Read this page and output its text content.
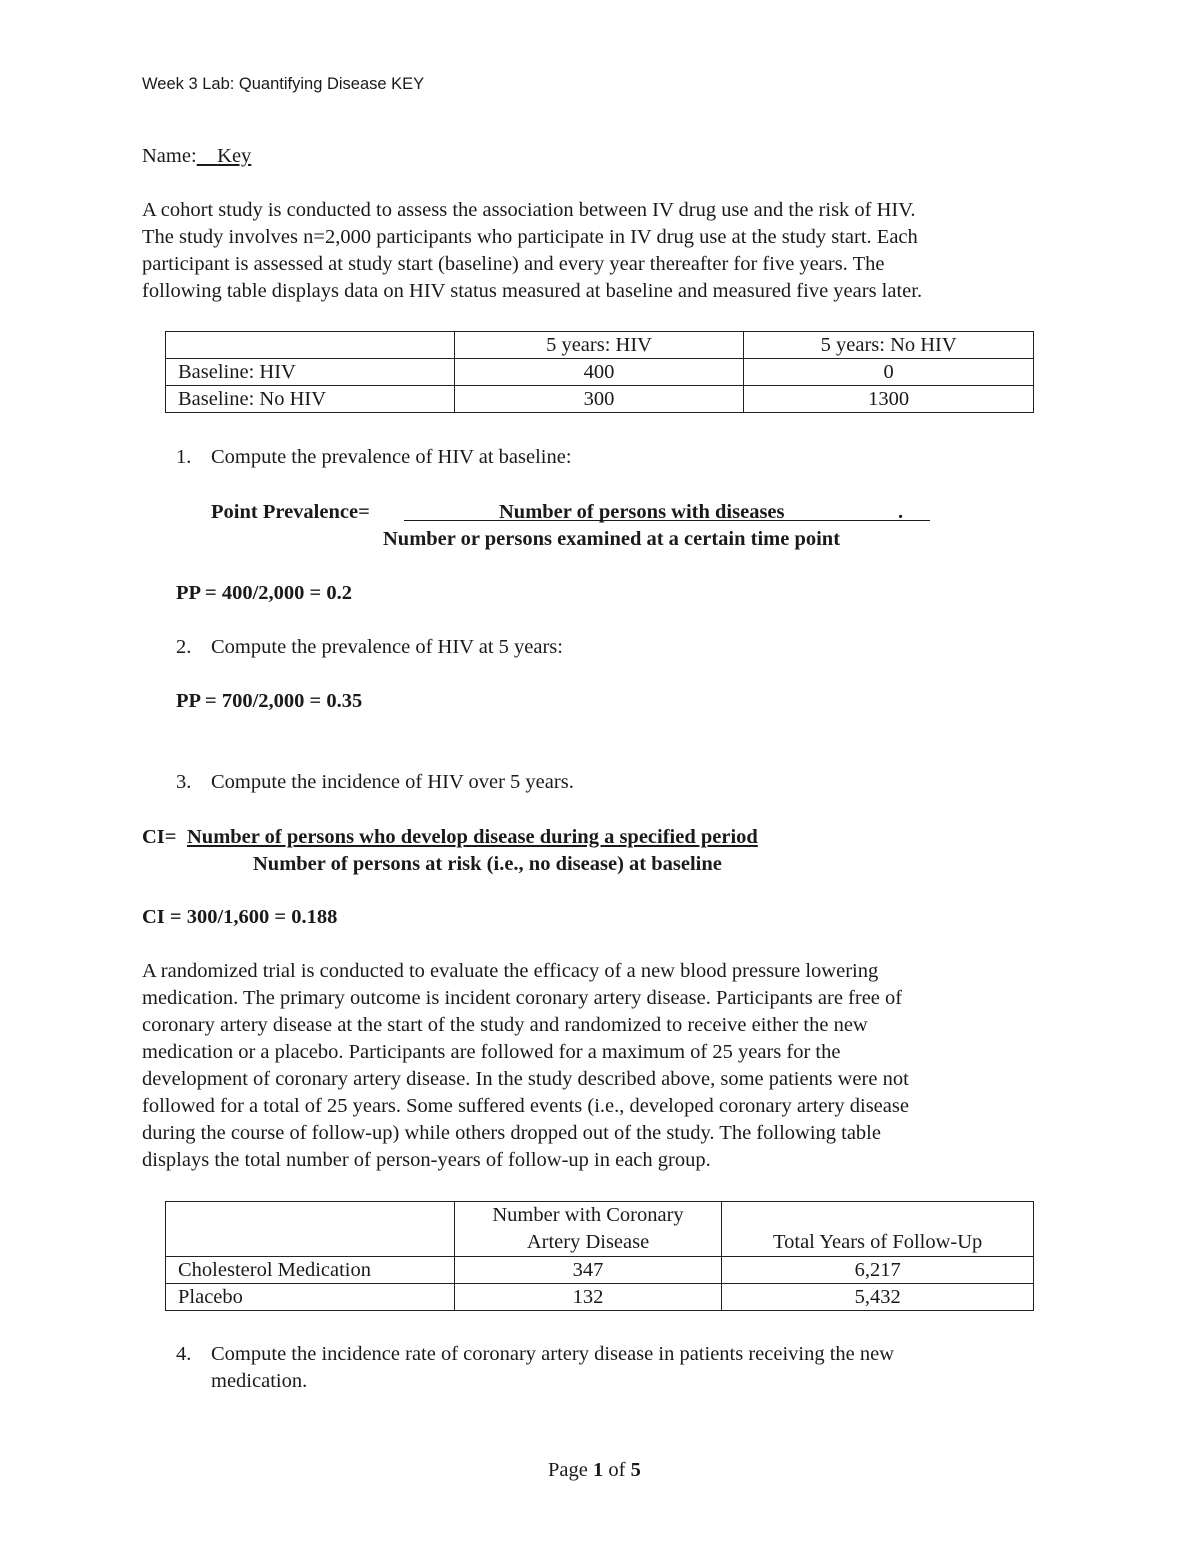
Week 3 Lab: Quantifying Disease KEY
Name: Key
A cohort study is conducted to assess the association between IV drug use and the risk of HIV.
The study involves n=2,000 participants who participate in IV drug use at the study start. Each
participant is assessed at study start (baseline) and every year thereafter for five years. The
following table displays data on HIV status measured at baseline and measured five years later.
	5 years: HIV	5 years: No HIV
Baseline: HIV	400	0
Baseline: No HIV	300	1300
1. Compute the prevalence of HIV at baseline:
Point Prevalence=	Number of persons with diseases	.
Number or persons examined at a certain time point
PP = 400/2,000 = 0.2
2. Compute the prevalence of HIV at 5 years:
PP = 700/2,000 = 0.35
3. Compute the incidence of HIV over 5 years.
CI= Number of persons who develop disease during a specified period
Number of persons at risk (i.e., no disease) at baseline
CI = 300/1,600 = 0.188
A randomized trial is conducted to evaluate the efficacy of a new blood pressure lowering
medication. The primary outcome is incident coronary artery disease. Participants are free of
coronary artery disease at the start of the study and randomized to receive either the new
medication or a placebo. Participants are followed for a maximum of 25 years for the
development of coronary artery disease. In the study described above, some patients were not
followed for a total of 25 years. Some suffered events (i.e., developed coronary artery disease
during the course of follow-up) while others dropped out of the study. The following table
displays the total number of person-years of follow-up in each group.

	Number with Coronary
Artery Disease	Total Years of Follow-Up

Cholesterol Medication	347	6,217
Placebo	132	5,432
4. Compute the incidence rate of coronary artery disease in patients receiving the new
medication.
Page 1 of 5
